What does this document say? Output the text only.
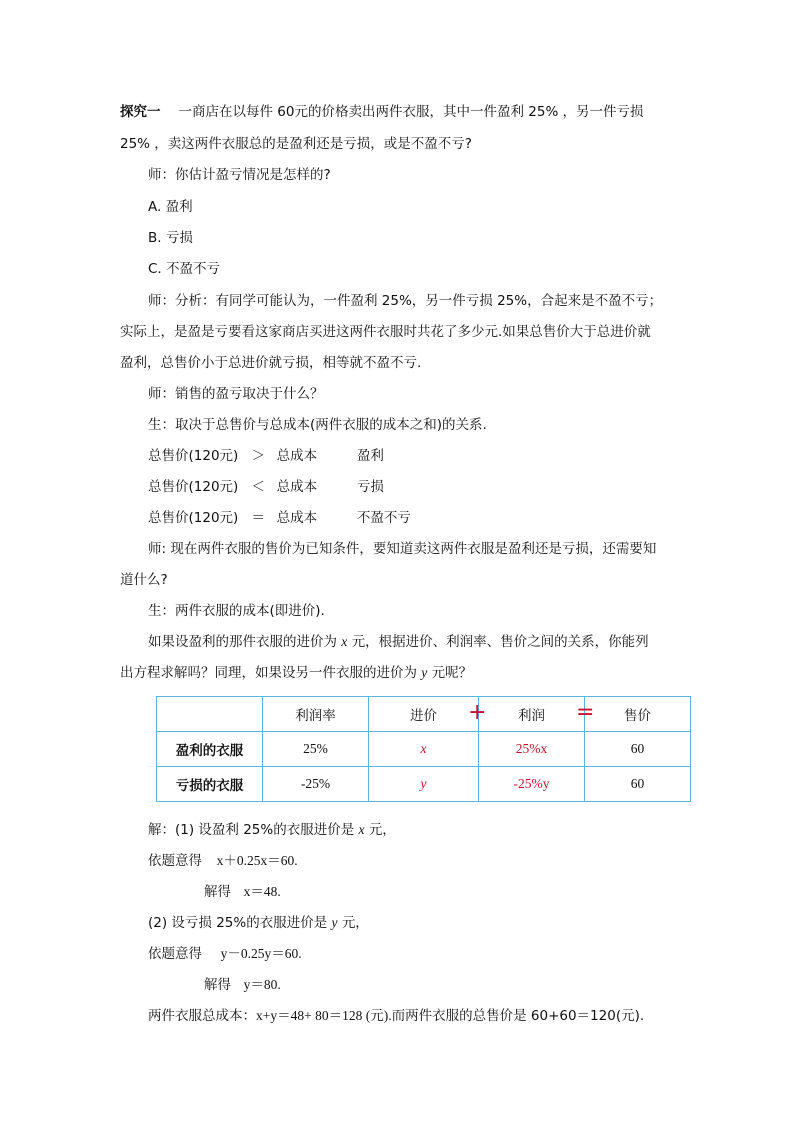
探究一 一商店在以每件 60元的价格卖出两件衣服，其中一件盈利 25% ，另一件亏损
25% ，卖这两件衣服总的是盈利还是亏损，或是不盈不亏?
师：你估计盈亏情况是怎样的?
A. 盈利
B. 亏损
C. 不盈不亏
师：分析：有同学可能认为，一件盈利 25%，另一件亏损 25%，合起来是不盈不亏；
实际上，是盈是亏要看这家商店买进这两件衣服时共花了多少元.如果总售价大于总进价就
盈利，总售价小于总进价就亏损，相等就不盈不亏.
师：销售的盈亏取决于什么？
生：取决于总售价与总成本(两件衣服的成本之和)的关系.
总售价(120元) ＞ 总成本	盈利
总售价(120元) ＜ 总成本	亏损
总售价(120元) ＝ 总成本	不盈不亏
师: 现在两件衣服的售价为已知条件，要知道卖这两件衣服是盈利还是亏损，还需要知
道什么?
生：两件衣服的成本(即进价).
如果设盈利的那件衣服的进价为 x 元，根据进价、利润率、售价之间的关系，你能列
出方程求解吗？同理，如果设另一件衣服的进价为 y 元呢？
	利润率	进价	利润	售价
盈利的衣服	25%	x	25%x	60
亏损的衣服	-25%	y	-25%y	60
+	=
解：(1) 设盈利 25%的衣服进价是 x 元，
依题意得 x＋0.25x＝60.
解得 x＝48.
(2) 设亏损 25%的衣服进价是 y 元，
依题意得 y－0.25y＝60.
解得 y＝80.
两件衣服总成本：x+y＝48+ 80＝128 (元).而两件衣服的总售价是 60+60＝120(元).
